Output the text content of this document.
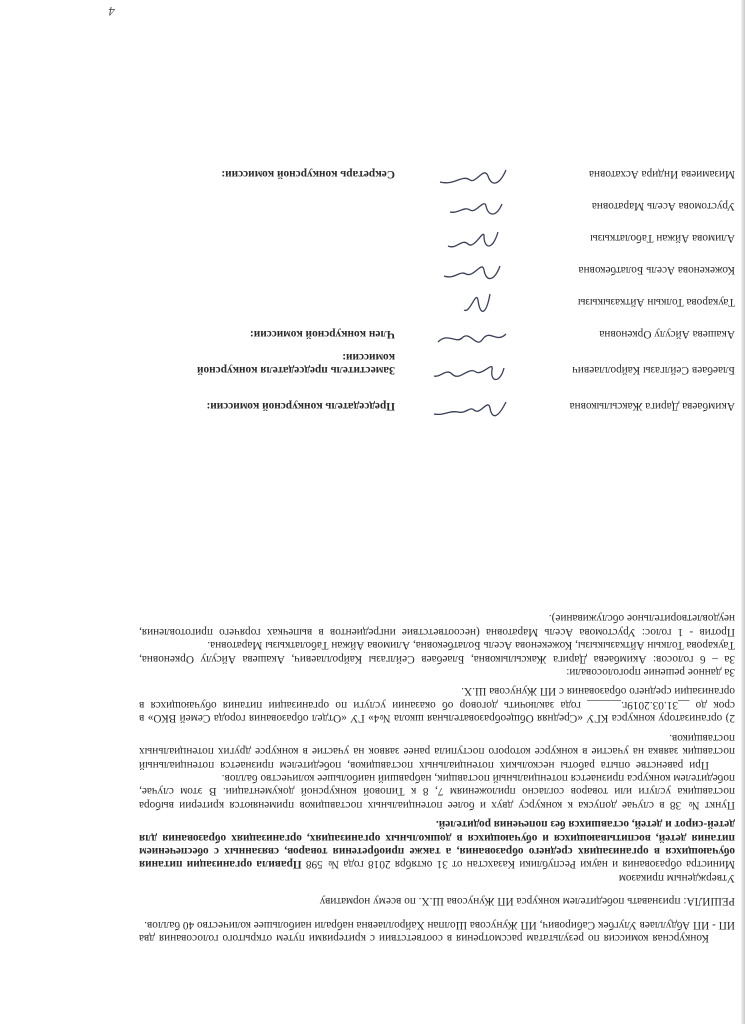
4

Конкурсная комиссия по результатам рассмотрения в соответствии с критериями путем открытого голосования два ИП - ИП Абдуллаев Улугбек Сабирович, ИП Жунусова Шолпан Хайроллаевна набрали наибольшее количество 40 баллов.

РЕШИЛА: признавать победителем конкурса ИП Жунусова Ш.Х. по всему нормативу

Утвержденым приказом

Министра образования и науки Республики Казахстан от 31 октября 2018 года № 598 Правила организации питания обучающихся в организациях среднего образования, а также приобретения товаров, связанных с обеспечением питания детей, воспитывающихся и обучающихся в дошкольных организациях, организациях образования для детей-сирот и детей, оставшихся без попечения родителей.

Пункт № 38 в случае допуска к конкурсу двух и более потенциальных поставщиков применяются критерии выбора поставщика услуги или товаров согласно приложениям 7, 8 к Типовой конкурсной документации. В этом случае, победителем конкурса признается потенциальный поставщик, набравший наибольшее количество баллов.

При равенстве опыта работы нескольких потенциальных поставщиков, победителем признается потенциальный поставщик заявка на участие в конкурсе которого поступила ранее заявок на участие в конкурсе других потенциальных поставщиков.

2) организатору конкурса КГУ «Средняя Общеобразовательная школа №4» ГУ «Отдел образования города Семей ВКО» в срок до __31.03.2019г.______ года заключить договор об оказании услуги по организации питания обучающихся в организации среднего образования с ИП Жунусова Ш.Х.

За данное решение проголосовали:

За – 6 голосов: Акимбаева Дарига Жаксылыковна, Блаебаев Сейлгазы Кайроллаевич, Акашева Айсулу Оркеновна, Таукарова Толкын Айтказыкызы, Кожекенова Асель Болатбековна, Алимова Айжан Таболаткызы Маратовна.

Против - 1 голос: Урустомова Асель Маратовна (несоответствие ингредиентов в выпечках горячего приготовления, неудовлетворительное обслуживание).

Председатель конкурсной комиссии:	Акимбаева Дарига Жаксылыковна
Заместитель председателя конкурсной комиссии:
Блаебаев Сейлгазы Кайроллаевич
Член конкурсной комиссии:	Акашева Айсулу Оркеновна
Таукарова Толкын Айтказыкызы
Кожекенова Асель Болатбековна
Алимова Айжан Таболаткызы
Урустомова Асель Маратовна
Секретарь конкурсной комиссии:	Мизамиева Индира Асхатовна
